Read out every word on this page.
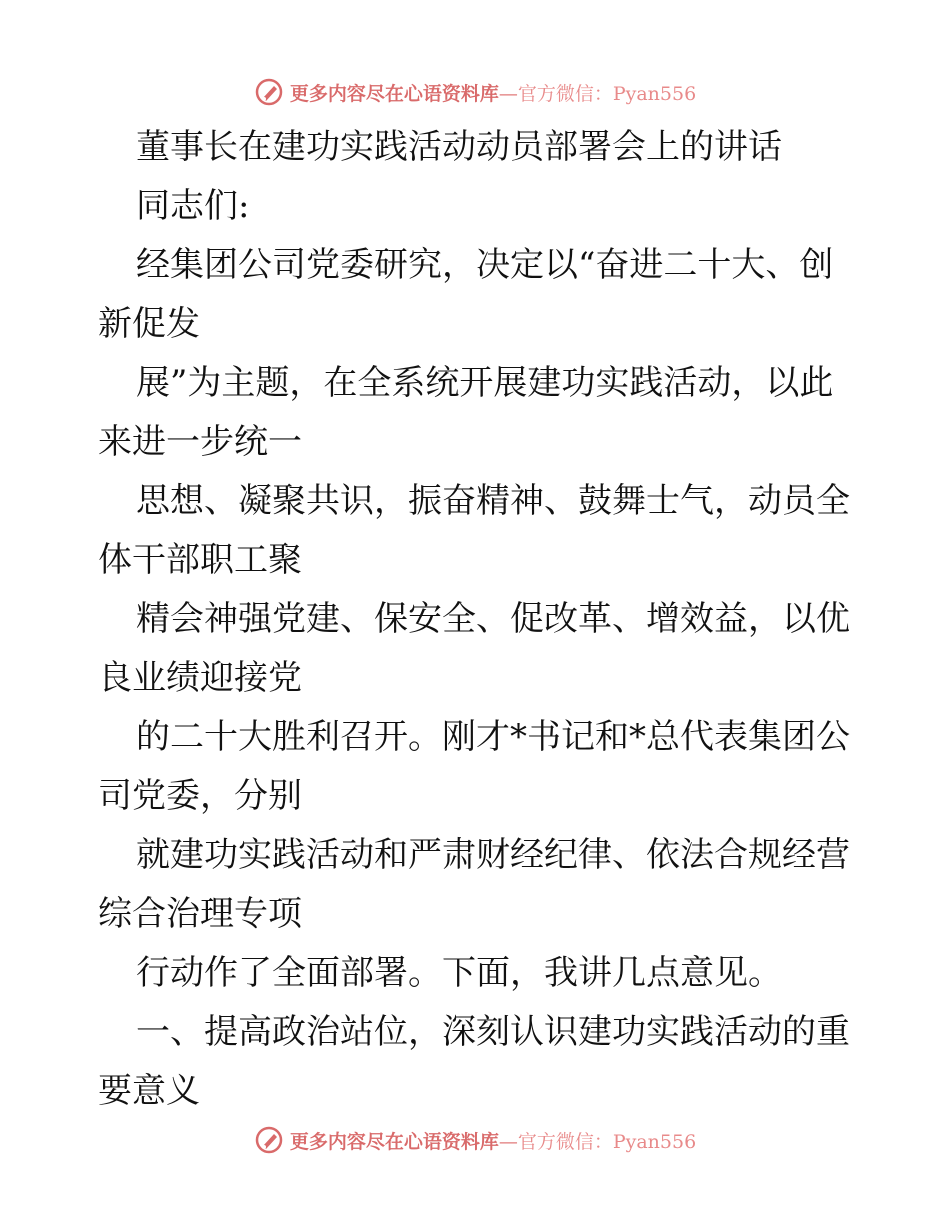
更多内容尽在心语资料库—官方微信：Pyan556
董事长在建功实践活动动员部署会上的讲话
同志们:
经集团公司党委研究，决定以“奋进二十大、创
新促发
展”为主题，在全系统开展建功实践活动，以此
来进一步统一
思想、凝聚共识，振奋精神、鼓舞士气，动员全
体干部职工聚
精会神强党建、保安全、促改革、增效益，以优
良业绩迎接党
的二十大胜利召开。刚才*书记和*总代表集团公
司党委，分别
就建功实践活动和严肃财经纪律、依法合规经营
综合治理专项
行动作了全面部署。下面，我讲几点意见。
一、提高政治站位，深刻认识建功实践活动的重
要意义
更多内容尽在心语资料库—官方微信：Pyan556
